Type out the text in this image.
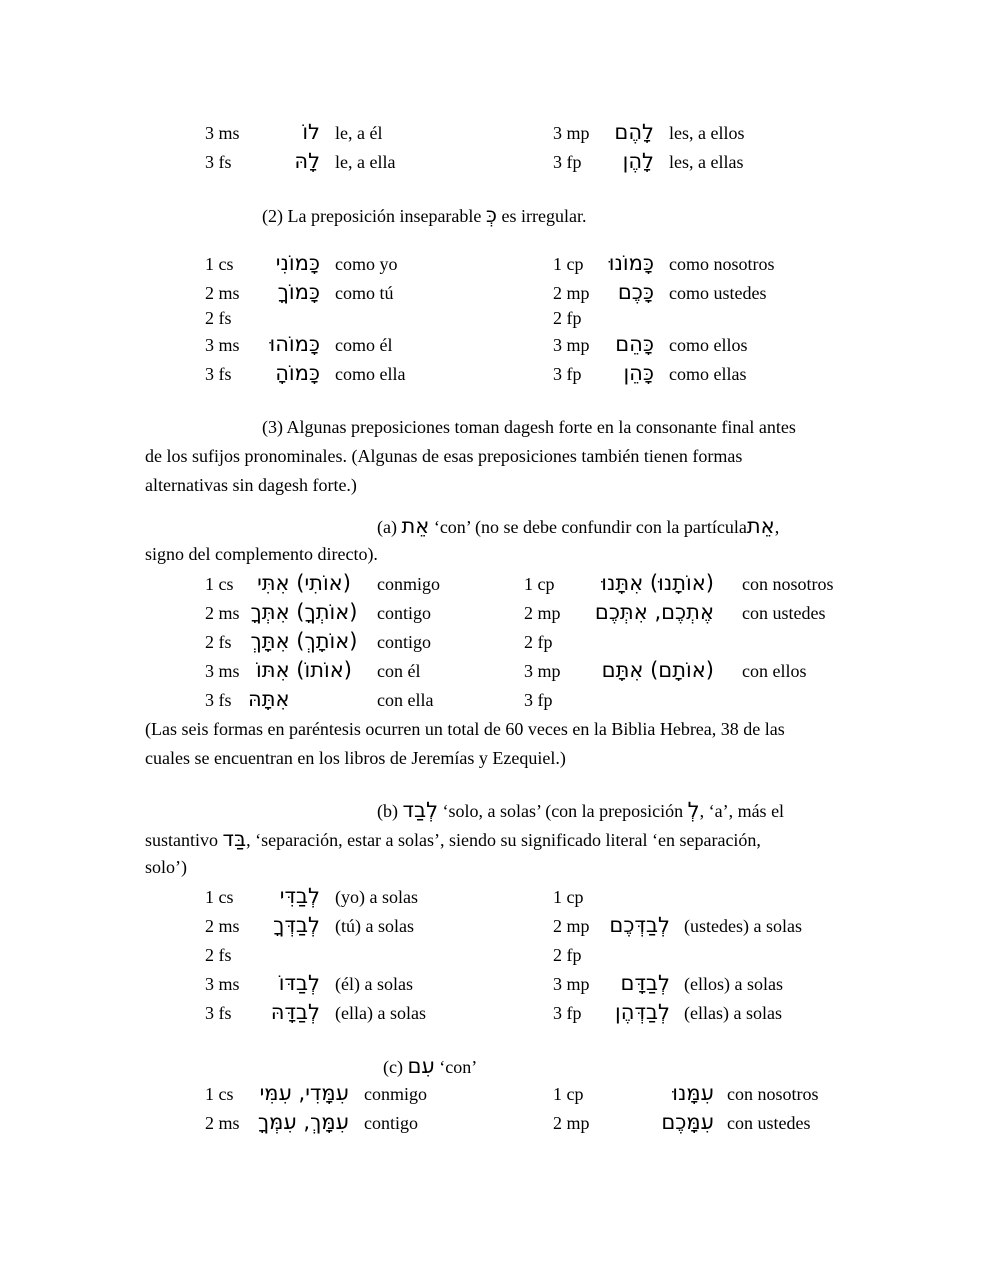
3 ms	לוֹ le, a él	3 mp	לָהֶם les, a ellos
3 fs	לָהּ le, a ella	3 fp	לָהֶן les, a ellas
(2) La preposición inseparable כְּ es irregular.
1 cs	כָּמוֹנִי como yo	1 cp	כָּמוֹנוּ como nosotros
2 ms	כָּמוֹךָ como tú	2 mp	כָּכֶם como ustedes
2 fs	2 fp
3 ms	כָּמוֹהוּ como él	3 mp	כָּהֵם como ellos
3 fs	כָּמוֹהָ como ella	3 fp	כָּהֵן como ellas
(3) Algunas preposiciones toman dagesh forte en la consonante final antes
de los sufijos pronominales. (Algunas de esas preposiciones también tienen formas
alternativas sin dagesh forte.)
(a) אֵת ‘con’ (no se debe confundir con la partículaאֵת,
signo del complemento directo).
1 cs	(אוֹתִי) אִתִּי	conmigo	1 cp	(אוֹתָנוּ) אִתָּנוּ con nosotros
2 ms (אוֹתְךָ) אִתְּךָ	contigo	2 mp	אֶתְכֶם, אִתְּכֶם con ustedes
2 fs (אוֹתָךְ) אִתָּךְ	contigo	2 fp
3 ms (אוֹתוֹ) אִתּוֹ	con él	3 mp	(אוֹתָם) אִתָּם con ellos
3 fs אִתָּהּ	con ella	3 fp
(Las seis formas en paréntesis ocurren un total de 60 veces en la Biblia Hebrea, 38 de las
cuales se encuentran en los libros de Jeremías y Ezequiel.)
(b) לְבַד ‘solo, a solas’ (con la preposición לְ, ‘a’, más el
sustantivo בַּד, ‘separación, estar a solas’, siendo su significado literal ‘en separación,
solo’)
1 cs	לְבַדִּי (yo) a solas	1 cp
2 ms	לְבַדְּךָ (tú) a solas	2 mp לְבַדְּכֶם (ustedes) a solas
2 fs	2 fp
3 ms	לְבַדּוֹ (él) a solas	3 mp	לְבַדָּם (ellos) a solas
3 fs	לְבַדָּהּ (ella) a solas	3 fp	לְבַדְּהֶן (ellas) a solas
(c) עִם ‘con’
1 cs	עִמָּדִי, עִמִּי conmigo	1 cp	עִמָּנוּ con nosotros
2 ms עִמָּךְ, עִמְּךָ contigo	2 mp	עִמָּכֶם con ustedes
